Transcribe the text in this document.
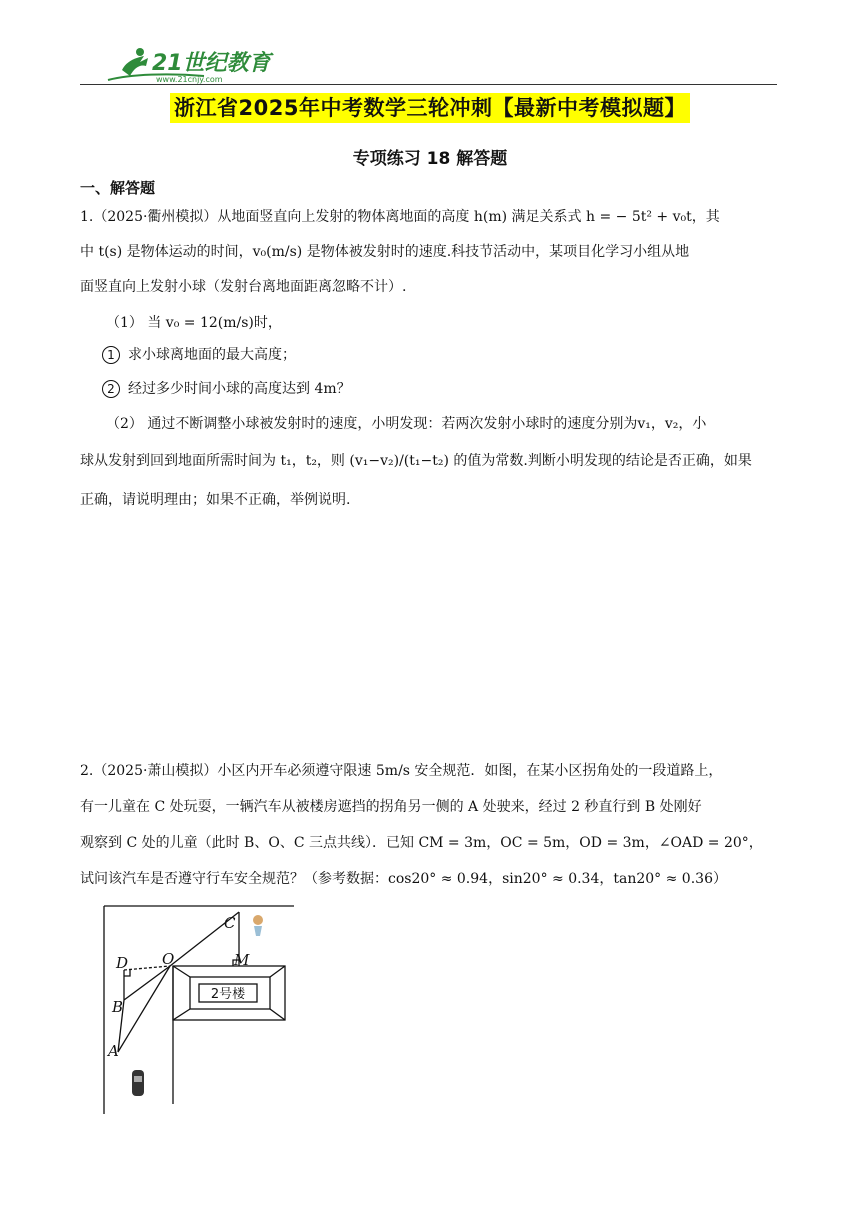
21世纪教育
www.21cnjy.com
浙江省2025年中考数学三轮冲刺【最新中考模拟题】
专项练习 18 解答题
一、解答题
1.（2025·衢州模拟）从地面竖直向上发射的物体离地面的高度 h(m) 满足关系式 h = − 5t² + v₀t，其
中 t(s) 是物体运动的时间，v₀(m/s) 是物体被发射时的速度.科技节活动中，某项目化学习小组从地
面竖直向上发射小球（发射台离地面距离忽略不计）.
（1） 当 v₀ = 12(m/s)时，
1 求小球离地面的最大高度；
2 经过多少时间小球的高度达到 4m？
（2） 通过不断调整小球被发射时的速度，小明发现：若两次发射小球时的速度分别为v₁，v₂，小
球从发射到回到地面所需时间为 t₁，t₂，则 (v₁−v₂)/(t₁−t₂) 的值为常数.判断小明发现的结论是否正确，如果
正确，请说明理由；如果不正确，举例说明.
2.（2025·萧山模拟）小区内开车必须遵守限速 5m/s 安全规范．如图，在某小区拐角处的一段道路上，
有一儿童在 C 处玩耍，一辆汽车从被楼房遮挡的拐角另一侧的 A 处驶来，经过 2 秒直行到 B 处刚好
观察到 C 处的儿童（此时 B、O、C 三点共线）．已知 CM = 3m，OC = 5m，OD = 3m，∠OAD = 20°，
试问该汽车是否遵守行车安全规范？（参考数据：cos20° ≈ 0.94，sin20° ≈ 0.34，tan20° ≈ 0.36）
C
D O	M
B
A
2号楼
